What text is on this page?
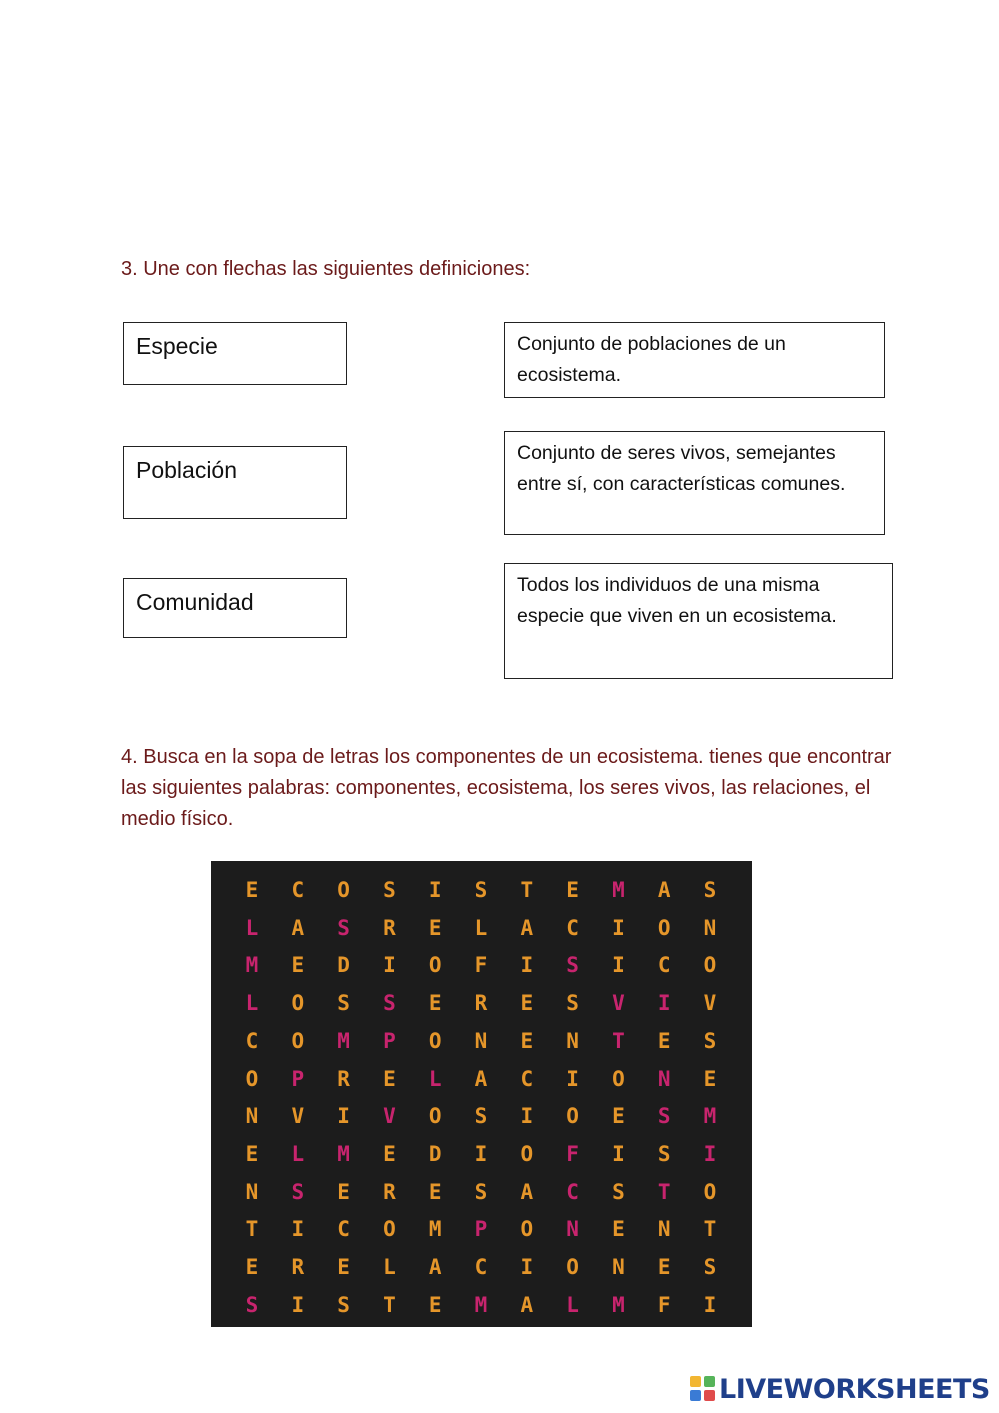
3. Une con flechas las siguientes definiciones:
Especie
Población
Comunidad
Conjunto de poblaciones de un ecosistema.
Conjunto de seres vivos, semejantes entre sí, con características comunes.
Todos los individuos de una misma especie que viven en un ecosistema.
4. Busca en la sopa de letras los componentes de un ecosistema. tienes que encontrar las siguientes palabras: componentes, ecosistema, los seres vivos, las relaciones, el medio físico.
E	C	O	S	I	S	T	E	M	A	S
L	A	S	R	E	L	A	C	I	O	N
M	E	D	I	O	F	I	S	I	C	O
L	O	S	S	E	R	E	S	V	I	V
C	O	M	P	O	N	E	N	T	E	S
O	P	R	E	L	A	C	I	O	N	E
N	V	I	V	O	S	I	O	E	S	M
E	L	M	E	D	I	O	F	I	S	I
N	S	E	R	E	S	A	C	S	T	O
T	I	C	O	M	P	O	N	E	N	T
E	R	E	L	A	C	I	O	N	E	S
S	I	S	T	E	M	A	L	M	F	I
LIVEWORKSHEETS
